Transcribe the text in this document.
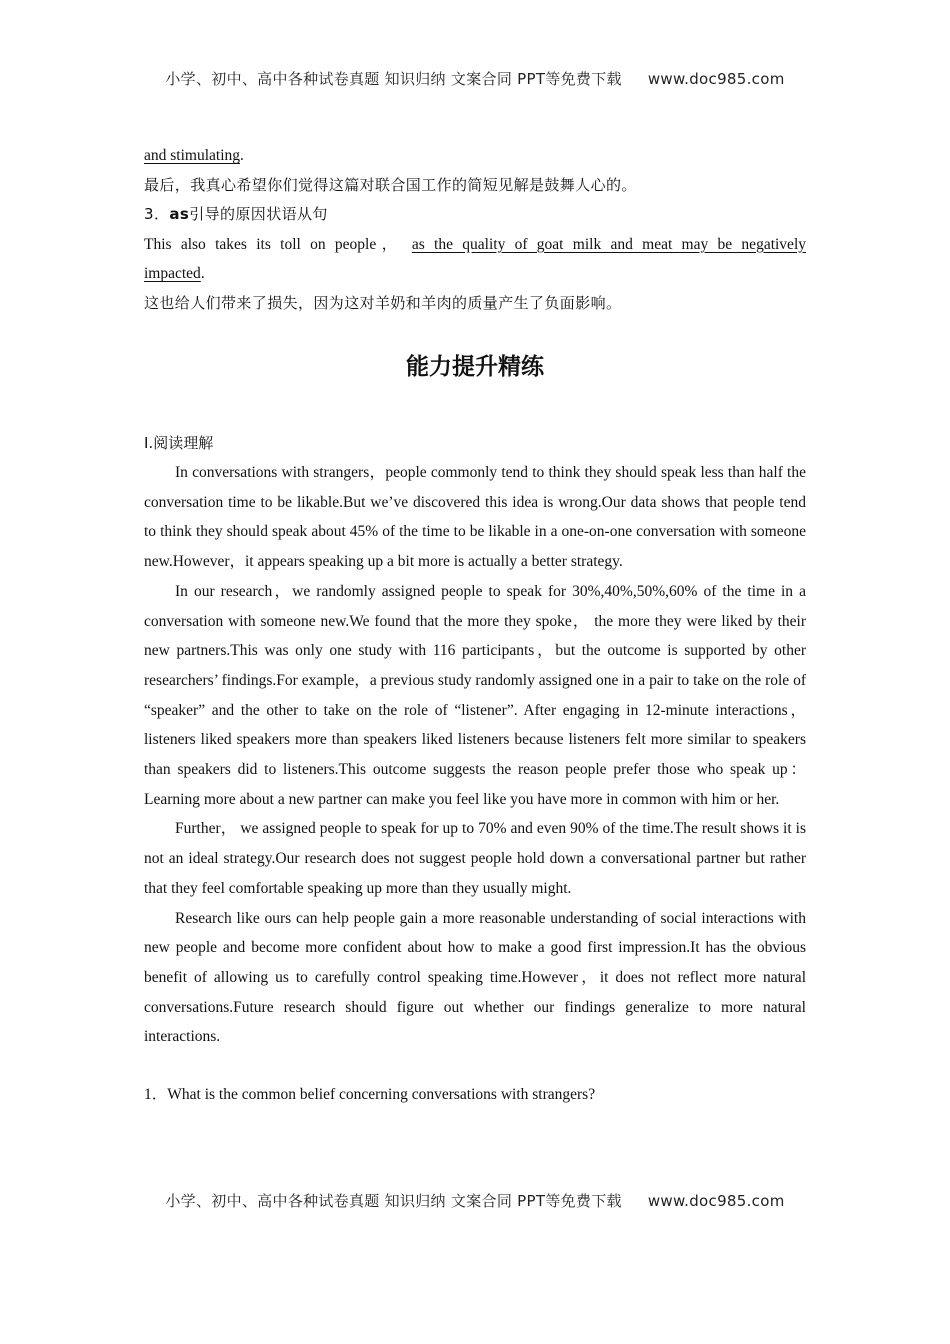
小学、初中、高中各种试卷真题 知识归纳 文案合同 PPT等免费下载 www.doc985.com

and stimulating.

最后，我真心希望你们觉得这篇对联合国工作的简短见解是鼓舞人心的。

3．as引导的原因状语从句

This also takes its toll on people， as the quality of goat milk and meat may be negatively

impacted.

这也给人们带来了损失，因为这对羊奶和羊肉的质量产生了负面影响。

能力提升精练

Ⅰ.阅读理解

In conversations with strangers，people commonly tend to think they should speak less than half the conversation time to be likable.But we’ve discovered this idea is wrong.Our data shows that people tend to think they should speak about 45% of the time to be likable in a one-on-one conversation with someone new.However，it appears speaking up a bit more is actually a better strategy.

In our research，we randomly assigned people to speak for 30%,40%,50%,60% of the time in a conversation with someone new.We found that the more they spoke， the more they were liked by their new partners.This was only one study with 116 participants，but the outcome is supported by other researchers’ findings.For example，a previous study randomly assigned one in a pair to take on the role of “speaker” and the other to take on the role of “listener”. After engaging in 12-minute interactions，listeners liked speakers more than speakers liked listeners because listeners felt more similar to speakers than speakers did to listeners.This outcome suggests the reason people prefer those who speak up：Learning more about a new partner can make you feel like you have more in common with him or her.

Further， we assigned people to speak for up to 70% and even 90% of the time.The result shows it is not an ideal strategy.Our research does not suggest people hold down a conversational partner but rather that they feel comfortable speaking up more than they usually might.

Research like ours can help people gain a more reasonable understanding of social interactions with new people and become more confident about how to make a good first impression.It has the obvious benefit of allowing us to carefully control speaking time.However，it does not reflect more natural conversations.Future research should figure out whether our findings generalize to more natural interactions.

1．What is the common belief concerning conversations with strangers?

小学、初中、高中各种试卷真题 知识归纳 文案合同 PPT等免费下载 www.doc985.com
